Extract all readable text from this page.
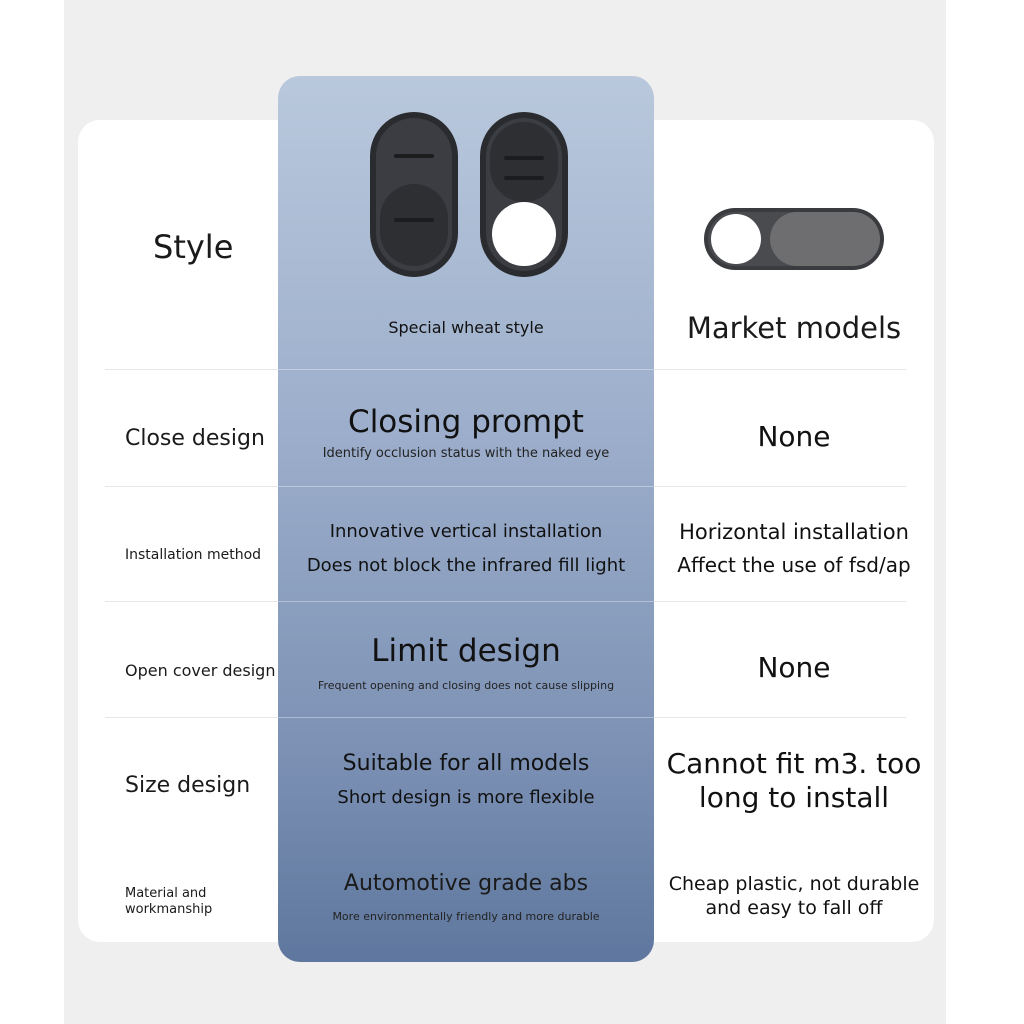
Style
Special wheat style	Market models
Close design	Closing prompt
Identify occlusion status with the naked eye
None
Installation method
Innovative vertical installation
Does not block the infrared fill light
Horizontal installation
Affect the use of fsd/ap
Open cover design
Limit design
Frequent opening and closing does not cause slipping
None
Size design
Suitable for all models
Short design is more flexible
Cannot fit m3. too
long to install
Material and
workmanship
Automotive grade abs
More environmentally friendly and more durable
Cheap plastic, not durable
and easy to fall off
